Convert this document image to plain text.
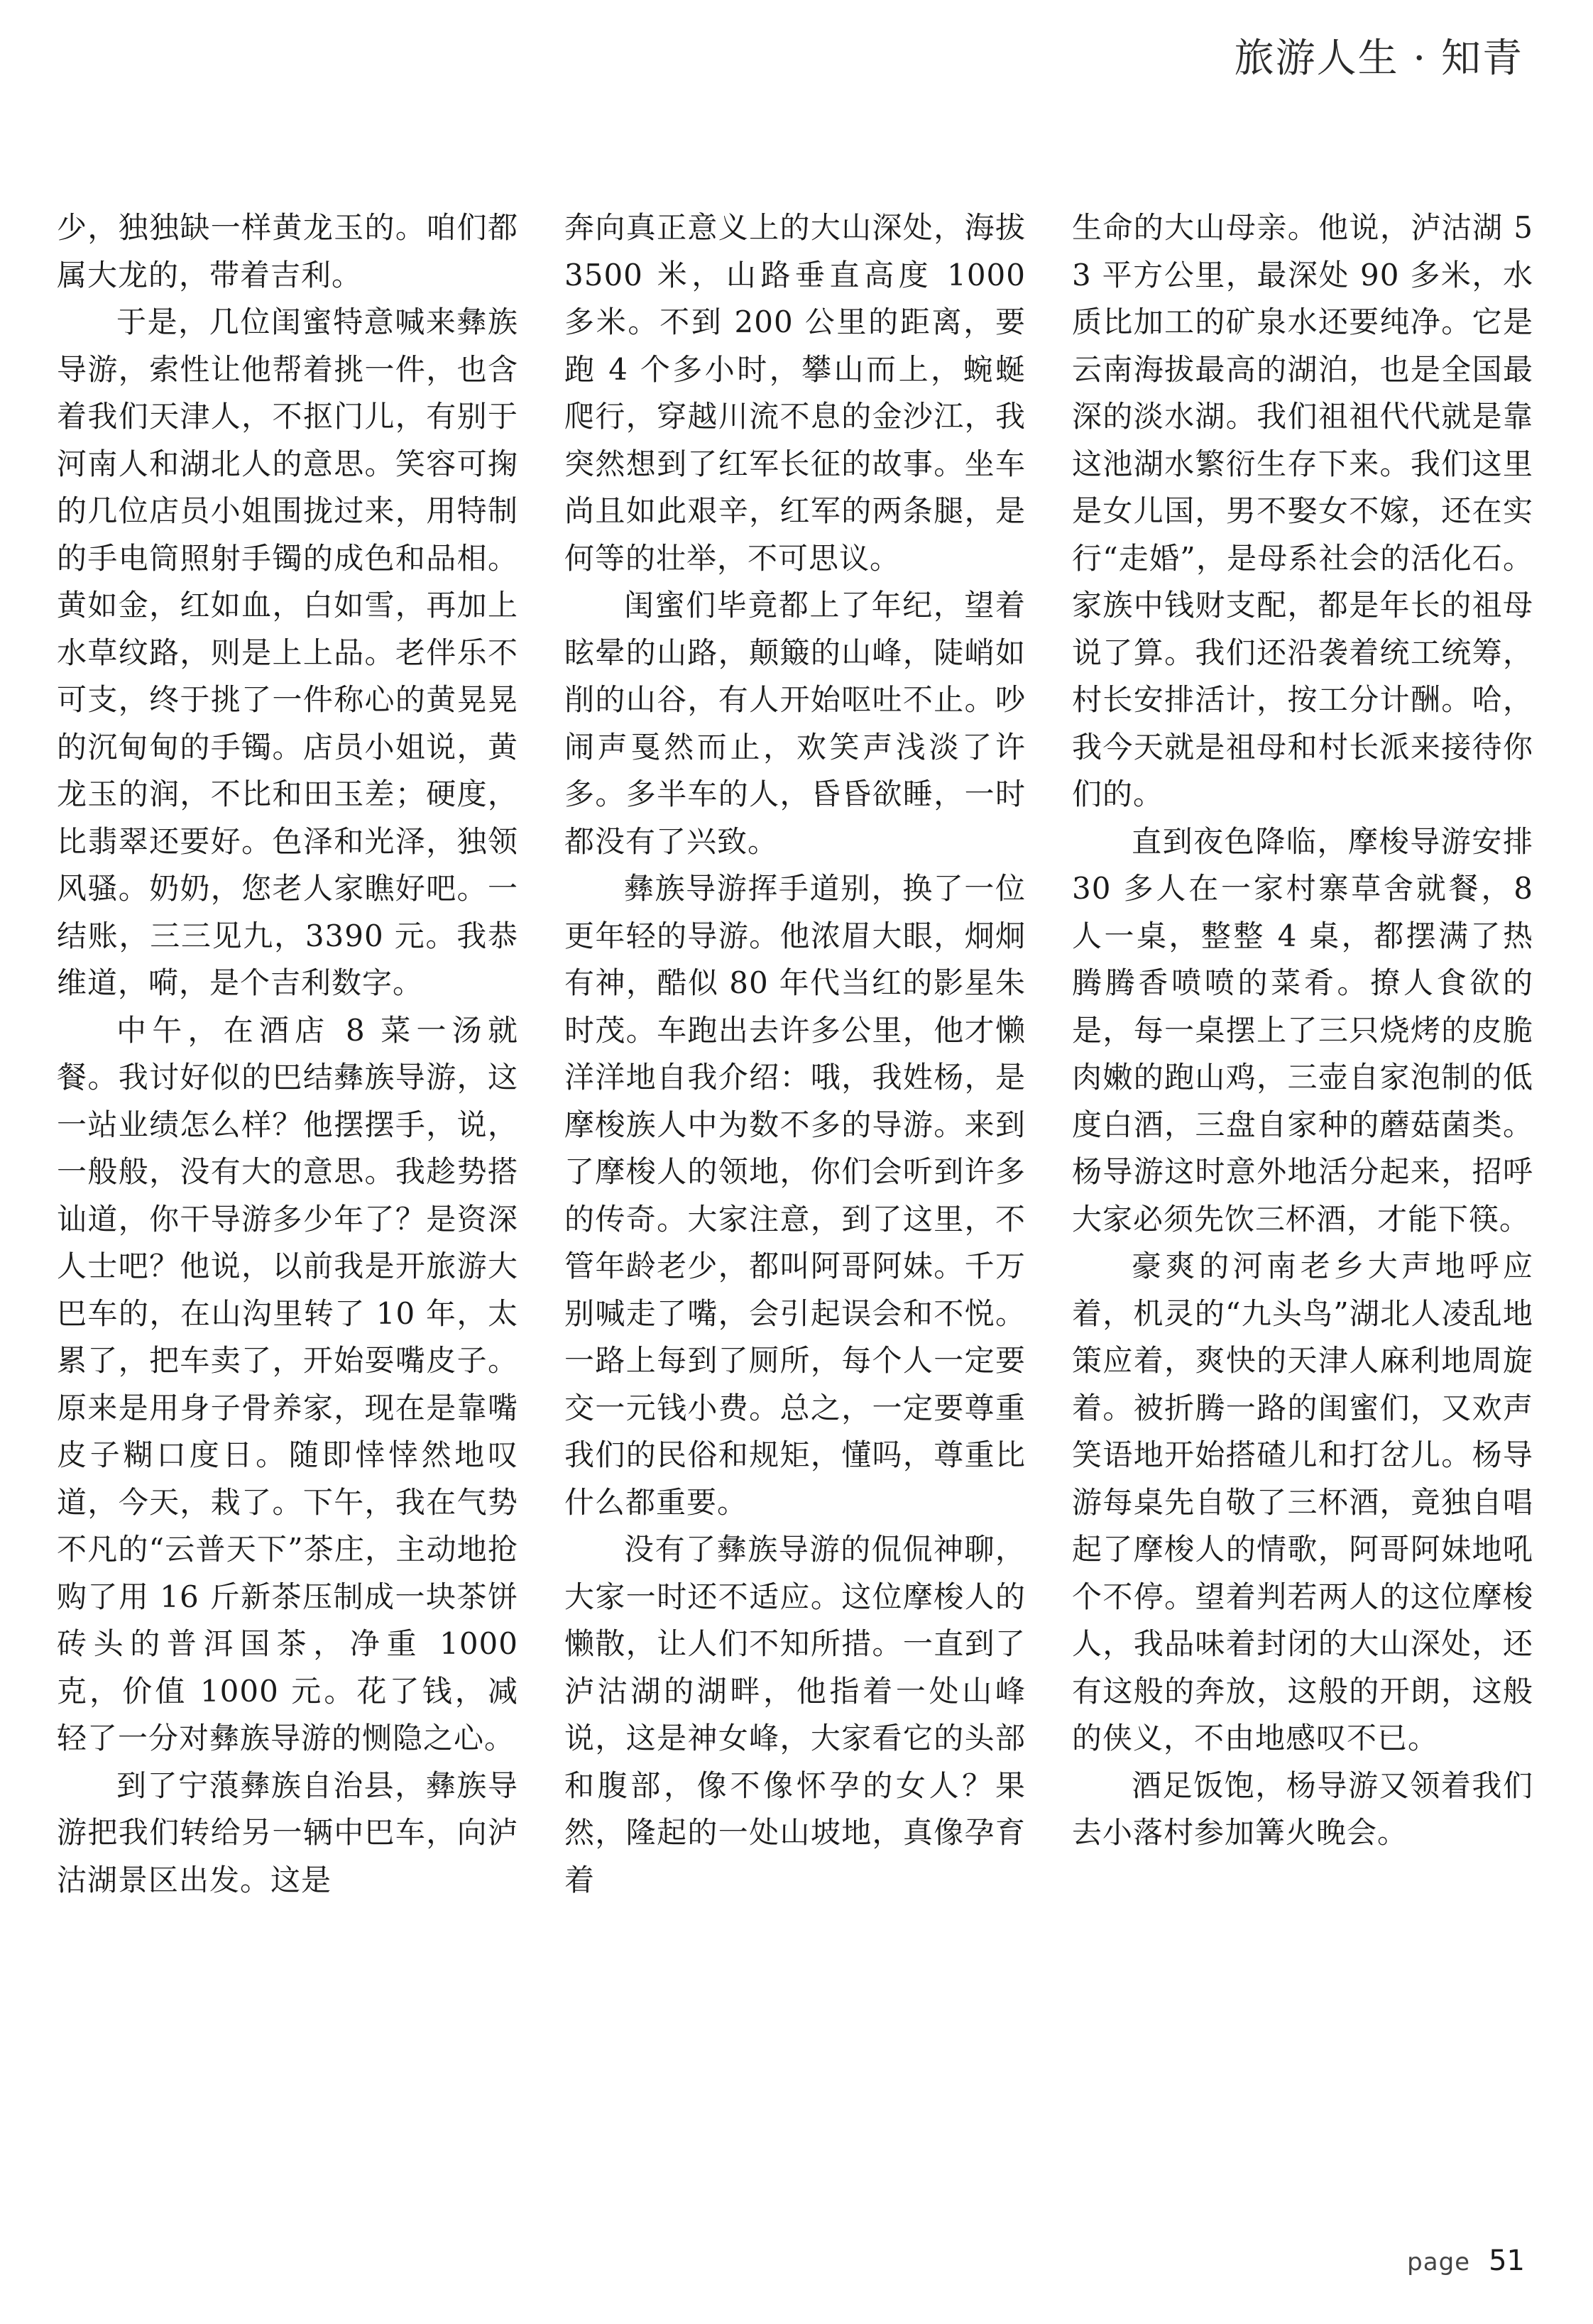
旅游人生 · 知青

少，独独缺一样黄龙玉的。咱们都属大龙的，带着吉利。

于是，几位闺蜜特意喊来彝族导游，索性让他帮着挑一件，也含着我们天津人，不抠门儿，有别于河南人和湖北人的意思。笑容可掬的几位店员小姐围拢过来，用特制的手电筒照射手镯的成色和品相。黄如金，红如血，白如雪，再加上水草纹路，则是上上品。老伴乐不可支，终于挑了一件称心的黄晃晃的沉甸甸的手镯。店员小姐说，黄龙玉的润，不比和田玉差；硬度，比翡翠还要好。色泽和光泽，独领风骚。奶奶，您老人家瞧好吧。一结账，三三见九，3390 元。我恭维道，嗬，是个吉利数字。

中午，在酒店 8 菜一汤就餐。我讨好似的巴结彝族导游，这一站业绩怎么样？他摆摆手，说，一般般，没有大的意思。我趁势搭讪道，你干导游多少年了？是资深人士吧？他说，以前我是开旅游大巴车的，在山沟里转了 10 年，太累了，把车卖了，开始耍嘴皮子。原来是用身子骨养家，现在是靠嘴皮子糊口度日。随即悻悻然地叹道，今天，栽了。下午，我在气势不凡的“云普天下”茶庄，主动地抢购了用 16 斤新茶压制成一块茶饼砖头的普洱国茶，净重 1000 克，价值 1000 元。花了钱，减轻了一分对彝族导游的恻隐之心。

到了宁蒗彝族自治县，彝族导游把我们转给另一辆中巴车，向泸沽湖景区出发。这是

奔向真正意义上的大山深处，海拔 3500 米，山路垂直高度 1000 多米。不到 200 公里的距离，要跑 4 个多小时，攀山而上，蜿蜒爬行，穿越川流不息的金沙江，我突然想到了红军长征的故事。坐车尚且如此艰辛，红军的两条腿，是何等的壮举，不可思议。

闺蜜们毕竟都上了年纪，望着眩晕的山路，颠簸的山峰，陡峭如削的山谷，有人开始呕吐不止。吵闹声戛然而止，欢笑声浅淡了许多。多半车的人，昏昏欲睡，一时都没有了兴致。

彝族导游挥手道别，换了一位更年轻的导游。他浓眉大眼，炯炯有神，酷似 80 年代当红的影星朱时茂。车跑出去许多公里，他才懒洋洋地自我介绍：哦，我姓杨，是摩梭族人中为数不多的导游。来到了摩梭人的领地，你们会听到许多的传奇。大家注意，到了这里，不管年龄老少，都叫阿哥阿妹。千万别喊走了嘴，会引起误会和不悦。一路上每到了厕所，每个人一定要交一元钱小费。总之，一定要尊重我们的民俗和规矩，懂吗，尊重比什么都重要。

没有了彝族导游的侃侃神聊，大家一时还不适应。这位摩梭人的懒散，让人们不知所措。一直到了泸沽湖的湖畔，他指着一处山峰说，这是神女峰，大家看它的头部和腹部，像不像怀孕的女人？果然，隆起的一处山坡地，真像孕育着

生命的大山母亲。他说，泸沽湖 53 平方公里，最深处 90 多米，水质比加工的矿泉水还要纯净。它是云南海拔最高的湖泊，也是全国最深的淡水湖。我们祖祖代代就是靠这池湖水繁衍生存下来。我们这里是女儿国，男不娶女不嫁，还在实行“走婚”，是母系社会的活化石。家族中钱财支配，都是年长的祖母说了算。我们还沿袭着统工统筹，村长安排活计，按工分计酬。哈，我今天就是祖母和村长派来接待你们的。

直到夜色降临，摩梭导游安排 30 多人在一家村寨草舍就餐，8 人一桌，整整 4 桌，都摆满了热腾腾香喷喷的菜肴。撩人食欲的是，每一桌摆上了三只烧烤的皮脆肉嫩的跑山鸡，三壶自家泡制的低度白酒，三盘自家种的蘑菇菌类。杨导游这时意外地活分起来，招呼大家必须先饮三杯酒，才能下筷。

豪爽的河南老乡大声地呼应着，机灵的“九头鸟”湖北人凌乱地策应着，爽快的天津人麻利地周旋着。被折腾一路的闺蜜们，又欢声笑语地开始搭碴儿和打岔儿。杨导游每桌先自敬了三杯酒，竟独自唱起了摩梭人的情歌，阿哥阿妹地吼个不停。望着判若两人的这位摩梭人，我品味着封闭的大山深处，还有这般的奔放，这般的开朗，这般的侠义，不由地感叹不已。

酒足饭饱，杨导游又领着我们去小落村参加篝火晚会。

page 51
